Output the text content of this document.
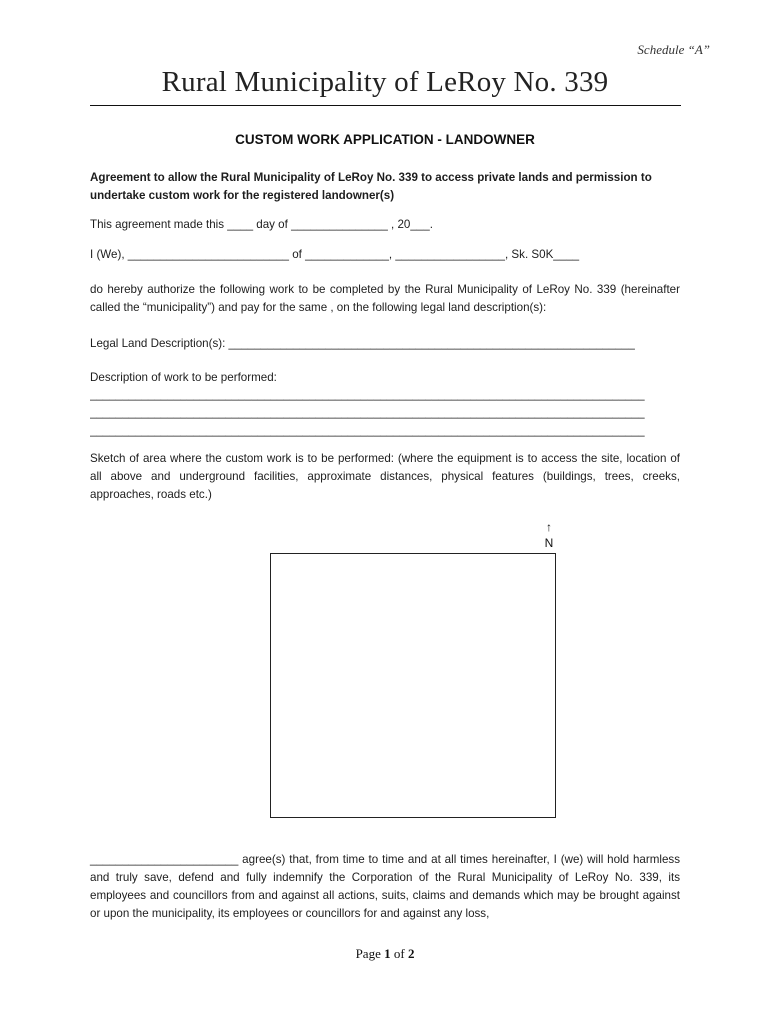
Schedule “A”
Rural Municipality of LeRoy No. 339
CUSTOM WORK APPLICATION - LANDOWNER
Agreement to allow the Rural Municipality of LeRoy No. 339 to access private lands and permission to undertake custom work for the registered landowner(s)
This agreement made this ____ day of _______________ , 20___.
I (We), _________________________ of _____________, _________________, Sk. S0K____
do hereby authorize the following work to be completed by the Rural Municipality of LeRoy No. 339 (hereinafter called the “municipality”) and pay for the same , on the following legal land description(s):
Legal Land Description(s): _______________________________________________________________
Description of work to be performed:
______________________________________________________________________________________
______________________________________________________________________________________
______________________________________________________________________________________
Sketch of area where the custom work is to be performed: (where the equipment is to access the site, location of all above and underground facilities, approximate distances, physical features (buildings, trees, creeks, approaches, roads etc.)
↑
N
_______________________ agree(s) that, from time to time and at all times hereinafter, I (we) will hold harmless and truly save, defend and fully indemnify the Corporation of the Rural Municipality of LeRoy No. 339, its employees and councillors from and against all actions, suits, claims and demands which may be brought against or upon the municipality, its employees or councillors for and against any loss,
Page 1 of 2
